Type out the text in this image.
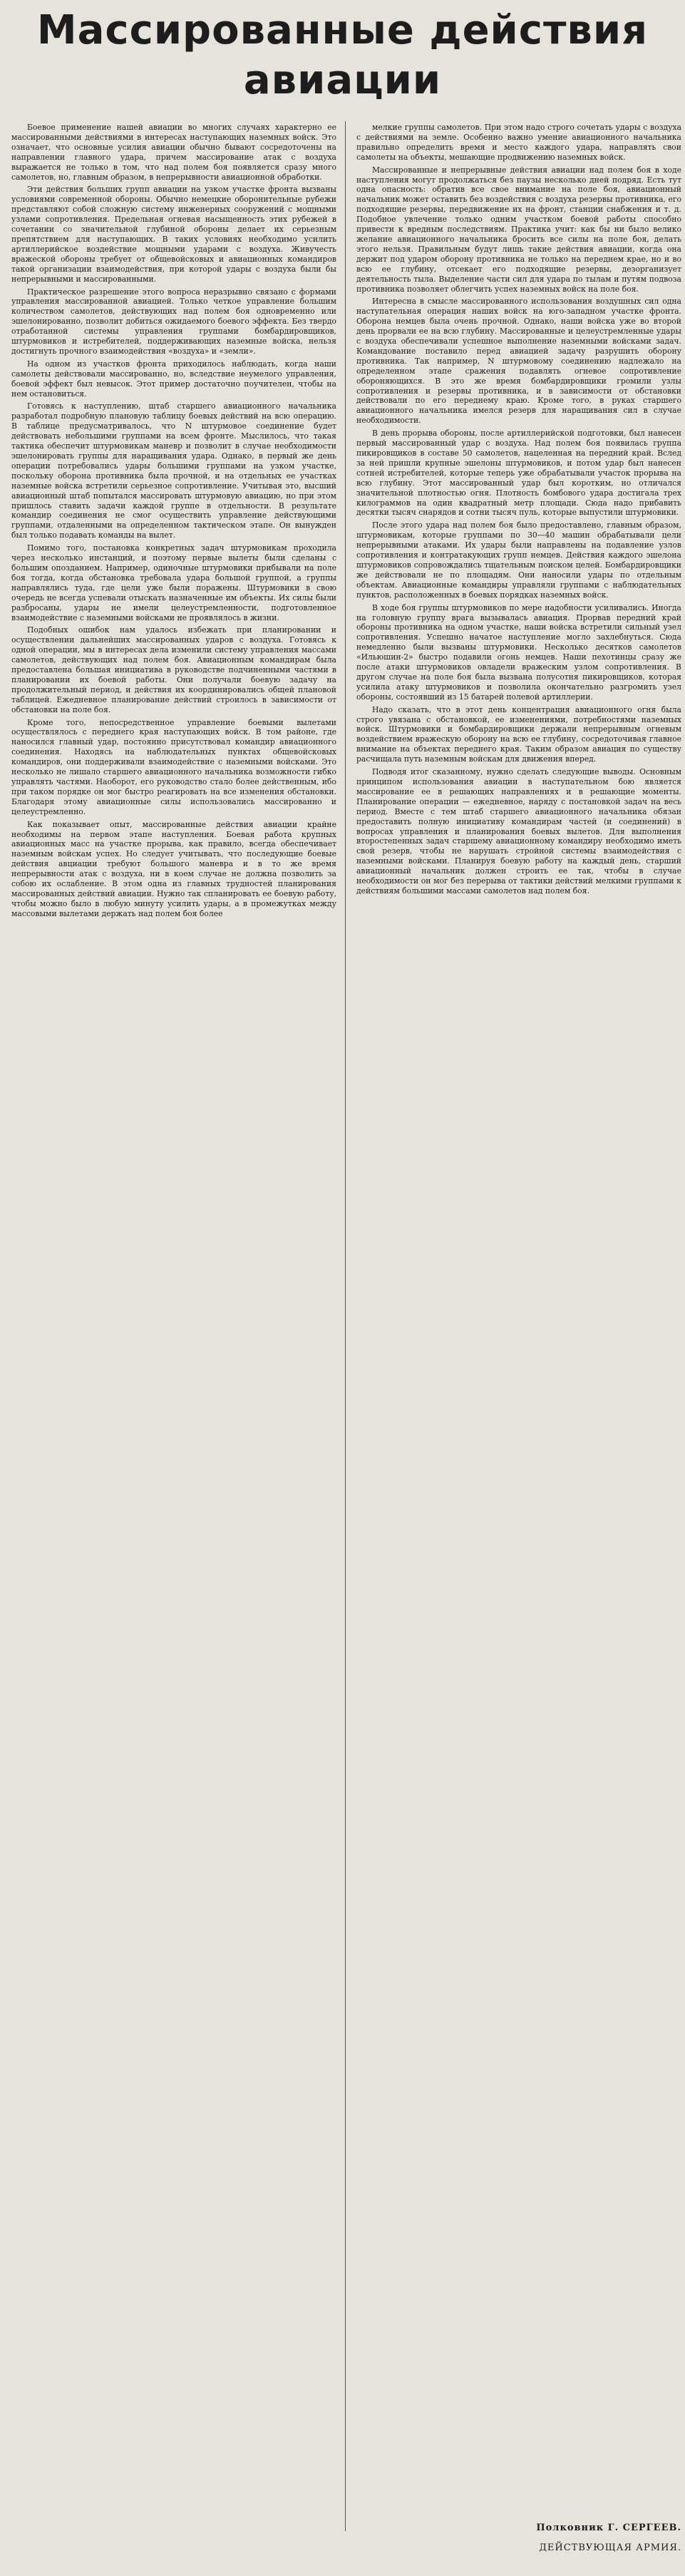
Массированные действия авиации

Боевое применение нашей авиации во многих случаях характерно ее массированными действиями в интересах наступающих наземных войск. Это означает, что основные усилия авиации обычно бывают сосредоточены на направлении главного удара, причем массирование атак с воздуха выражается не только в том, что над полем боя появляется сразу много самолетов, но, главным образом, в непрерывности авиационной обработки.

Эти действия больших групп авиации на узком участке фронта вызваны условиями современной обороны. Обычно немецкие оборонительные рубежи представляют собой сложную систему инженерных сооружений с мощными узлами сопротивления. Предельная огневая насыщенность этих рубежей в сочетании со значительной глубиной обороны делает их серьезным препятствием для наступающих. В таких условиях необходимо усилить артиллерийское воздействие мощными ударами с воздуха. Живучесть вражеской обороны требует от общевойсковых и авиационных командиров такой организации взаимодействия, при которой удары с воздуха были бы непрерывными и массированными.

Практическое разрешение этого вопроса неразрывно связано с формами управления массированной авиацией. Только четкое управление большим количеством самолетов, действующих над полем боя одновременно или эшелонированно, позволит добиться ожидаемого боевого эффекта. Без твердо отработанной системы управления группами бомбардировщиков, штурмовиков и истребителей, поддерживающих наземные войска, нельзя достигнуть прочного взаимодействия «воздуха» и «земли».

На одном из участков фронта приходилось наблюдать, когда наши самолеты действовали массированно, но, вследствие неумелого управления, боевой эффект был невысок. Этот пример достаточно поучителен, чтобы на нем остановиться.

Готовясь к наступлению, штаб старшего авиационного начальника разработал подробную плановую таблицу боевых действий на всю операцию. В таблице предусматривалось, что N штурмовое соединение будет действовать небольшими группами на всем фронте. Мыслилось, что такая тактика обеспечит штурмовикам маневр и позволит в случае необходимости эшелонировать группы для наращивания удара. Однако, в первый же день операции потребовались удары большими группами на узком участке, поскольку оборона противника была прочной, и на отдельных ее участках наземные войска встретили серьезное сопротивление. Учитывая это, высший авиационный штаб попытался массировать штурмовую авиацию, но при этом пришлось ставить задачи каждой группе в отдельности. В результате командир соединения не смог осуществить управление действующими группами, отдаленными на определенном тактическом этапе. Он вынужден был только подавать команды на вылет.

Помимо того, постановка конкретных задач штурмовикам проходила через несколько инстанций, и поэтому первые вылеты были сделаны с большим опозданием. Например, одиночные штурмовики прибывали на поле боя тогда, когда обстановка требовала удара большой группой, а группы направлялись туда, где цели уже были поражены. Штурмовики в свою очередь не всегда успевали отыскать назначенные им объекты. Их силы были разбросаны, удары не имели целеустремленности, подготовленное взаимодействие с наземными войсками не проявлялось в жизни.

Подобных ошибок нам удалось избежать при планировании и осуществлении дальнейших массированных ударов с воздуха. Готовясь к одной операции, мы в интересах дела изменили систему управления массами самолетов, действующих над полем боя. Авиационным командирам была предоставлена большая инициатива в руководстве подчиненными частями в планировании их боевой работы. Они получали боевую задачу на продолжительный период, и действия их координировались общей плановой таблицей. Ежедневное планирование действий строилось в зависимости от обстановки на поле боя.

Кроме того, непосредственное управление боевыми вылетами осуществлялось с переднего края наступающих войск. В том районе, где наносился главный удар, постоянно присутствовал командир авиационного соединения. Находясь на наблюдательных пунктах общевойсковых командиров, они поддерживали взаимодействие с наземными войсками. Это несколько не лишало старшего авиационного начальника возможности гибко управлять частями. Наоборот, его руководство стало более действенным, ибо при таком порядке он мог быстро реагировать на все изменения обстановки. Благодаря этому авиационные силы использовались массированно и целеустремленно.

Как показывает опыт, массированные действия авиации крайне необходимы на первом этапе наступления. Боевая работа крупных авиационных масс на участке прорыва, как правило, всегда обеспечивает наземным войскам успех. Но следует учитывать, что последующие боевые действия авциации требуют большого маневра и в то же время непрерывности атак с воздуха, ни в коем случае не должна позволить за собою их ослабление. В этом одна из главных трудностей планирования массированных действий авиации. Нужно так спланировать ее боевую работу, чтобы можно было в любую минуту усилить удары, а в промежутках между массовыми вылетами держать над полем боя более

мелкие группы самолетов. При этом надо строго сочетать удары с воздуха с действиями на земле. Особенно важно умение авиационного начальника правильно определить время и место каждого удара, направлять свои самолеты на объекты, мешающие продвижению наземных войск.

Массированные и непрерывные действия авиации над полем боя в ходе наступления могут продолжаться без паузы несколько дней подряд. Есть тут одна опасность: обратив все свое внимание на поле боя, авиационный начальник может оставить без воздействия с воздуха резервы противника, его подходящие резервы, передвижение их на фронт, станции снабжения и т. д. Подобное увлечение только одним участком боевой работы способно привести к вредным последствиям. Практика учит: как бы ни было велико желание авиационного начальника бросить все силы на поле боя, делать этого нельзя. Правильным будут лишь такие действия авиации, когда она держит под ударом оборону противника не только на переднем крае, но и во всю ее глубину, отсекает его подходящие резервы, дезорганизует деятельность тыла. Выделение части сил для удара по тылам и путям подвоза противника позволяет облегчить успех наземных войск на поле боя.

Интересна в смысле массированного использования воздушных сил одна наступательная операция наших войск на юго-западном участке фронта. Оборона немцев была очень прочной. Однако, наши войска уже во второй день прорвали ее на всю глубину. Массированные и целеустремленные удары с воздуха обеспечивали успешное выполнение наземными войсками задач. Командование поставило перед авиацией задачу разрушить оборону противника. Так например, N штурмовому соединению надлежало на определенном этапе сражения подавлять огневое сопротивление обороняющихся. В это же время бомбардировщики громили узлы сопротивления и резервы противника, и в зависимости от обстановки действовали по его переднему краю. Кроме того, в руках старшего авиационного начальника имелся резерв для наращивания сил в случае необходимости.

В день прорыва обороны, после артиллерийской подготовки, был нанесен первый массированный удар с воздуха. Над полем боя появилась группа пикировщиков в составе 50 самолетов, нацеленная на передний край. Вслед за ней пришли крупные эшелоны штурмовиков, и потом удар был нанесен сотней истребителей, которые теперь уже обрабатывали участок прорыва на всю глубину. Этот массированный удар был коротким, но отличался значительной плотностью огня. Плотность бомбового удара достигала трех килограммов на один квадратный метр площади. Сюда надо прибавить десятки тысяч снарядов и сотни тысяч пуль, которые выпустили штурмовики.

После этого удара над полем боя было предоставлено, главным образом, штурмовикам, которые группами по 30—40 машин обрабатывали цели непрерывными атаками. Их удары были направлены на подавление узлов сопротивления и контратакующих групп немцев. Действия каждого эшелона штурмовиков сопровождались тщательным поиском целей. Бомбардировщики же действовали не по площадям. Они наносили удары по отдельным объектам. Авиационные командиры управляли группами с наблюдательных пунктов, расположенных в боевых порядках наземных войск.

В ходе боя группы штурмовиков по мере надобности усиливались. Иногда на головную группу врага вызывалась авиация. Прорвав передний край обороны противника на одном участке, наши войска встретили сильный узел сопротивления. Успешно начатое наступление могло захлебнуться. Сюда немедленно были вызваны штурмовики. Несколько десятков самолетов «Ильюшин-2» быстро подавили огонь немцев. Наши пехотинцы сразу же после атаки штурмовиков овладели вражеским узлом сопротивления. В другом случае на поле боя была вызвана полусотня пикировщиков, которая усилила атаку штурмовиков и позволила окончательно разгромить узел обороны, состоявший из 15 батарей полевой артиллерии.

Надо сказать, что в этот день концентрация авиационного огня была строго увязана с обстановкой, ее изменениями, потребностями наземных войск. Штурмовики и бомбардировщики держали непрерывным огневым воздействием вражескую оборону на всю ее глубину, сосредоточивая главное внимание на объектах переднего края. Таким образом авиация по существу расчищала путь наземным войскам для движения вперед.

Подводя итог сказанному, нужно сделать следующие выводы. Основным принципом использования авиации в наступательном бою является массирование ее в решающих направлениях и в решающие моменты. Планирование операции — ежедневное, наряду с постановкой задач на весь период. Вместе с тем штаб старшего авиационного начальника обязан предоставить полную инициативу командирам частей (и соединений) в вопросах управления и планирования боевых вылетов. Для выполнения второстепенных задач старшему авиационному командиру необходимо иметь свой резерв, чтобы не нарушать стройной системы взаимодействия с наземными войсками. Планируя боевую работу на каждый день, старший авиационный начальник должен строить ее так, чтобы в случае необходимости он мог без перерыва от тактики действий мелкими группами к действиям большими массами самолетов над полем боя.

Полковник Г. СЕРГЕЕВ.
ДЕЙСТВУЮЩАЯ АРМИЯ.
